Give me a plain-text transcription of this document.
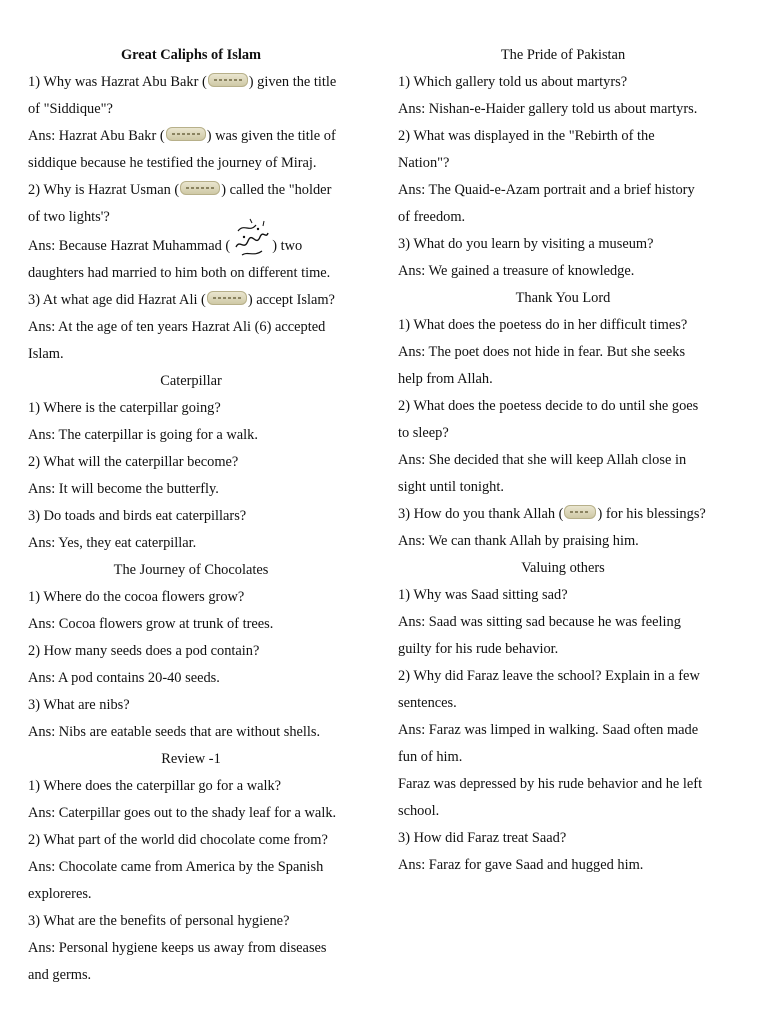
Great Caliphs of Islam
1) Why was Hazrat Abu Bakr (	) given the title
of "Siddique"?
Ans: Hazrat Abu Bakr (	) was given the title of
siddique because he testified the journey of Miraj.
2) Why is Hazrat Usman (	) called the "holder
of two lights'?
Ans: Because Hazrat Muhammad (	) two
daughters had married to him both on different time.
3) At what age did Hazrat Ali (	) accept Islam?
Ans: At the age of ten years Hazrat Ali (6) accepted
Islam.
Caterpillar
1) Where is the caterpillar going?
Ans: The caterpillar is going for a walk.
2) What will the caterpillar become?
Ans: It will become the butterfly.
3) Do toads and birds eat caterpillars?
Ans: Yes, they eat caterpillar.
The Journey of Chocolates
1) Where do the cocoa flowers grow?
Ans: Cocoa flowers grow at trunk of trees.
2) How many seeds does a pod contain?
Ans: A pod contains 20-40 seeds.
3) What are nibs?
Ans: Nibs are eatable seeds that are without shells.
Review -1
1) Where does the caterpillar go for a walk?
Ans: Caterpillar goes out to the shady leaf for a walk.
2) What part of the world did chocolate come from?
Ans: Chocolate came from America by the Spanish
exploreres.
3) What are the benefits of personal hygiene?
Ans: Personal hygiene keeps us away from diseases
and germs.
The Pride of Pakistan
1) Which gallery told us about martyrs?
Ans: Nishan-e-Haider gallery told us about martyrs.
2) What was displayed in the "Rebirth of the
Nation"?
Ans: The Quaid-e-Azam portrait and a brief history
of freedom.
3) What do you learn by visiting a museum?
Ans: We gained a treasure of knowledge.
Thank You Lord
1) What does the poetess do in her difficult times?
Ans: The poet does not hide in fear. But she seeks
help from Allah.
2) What does the poetess decide to do until she goes
to sleep?
Ans: She decided that she will keep Allah close in
sight until tonight.
3) How do you thank Allah ( ) for his blessings?
Ans: We can thank Allah by praising him.
Valuing others
1) Why was Saad sitting sad?
Ans: Saad was sitting sad because he was feeling
guilty for his rude behavior.
2) Why did Faraz leave the school? Explain in a few
sentences.
Ans: Faraz was limped in walking. Saad often made
fun of him.
Faraz was depressed by his rude behavior and he left
school.
3) How did Faraz treat Saad?
Ans: Faraz for gave Saad and hugged him.
